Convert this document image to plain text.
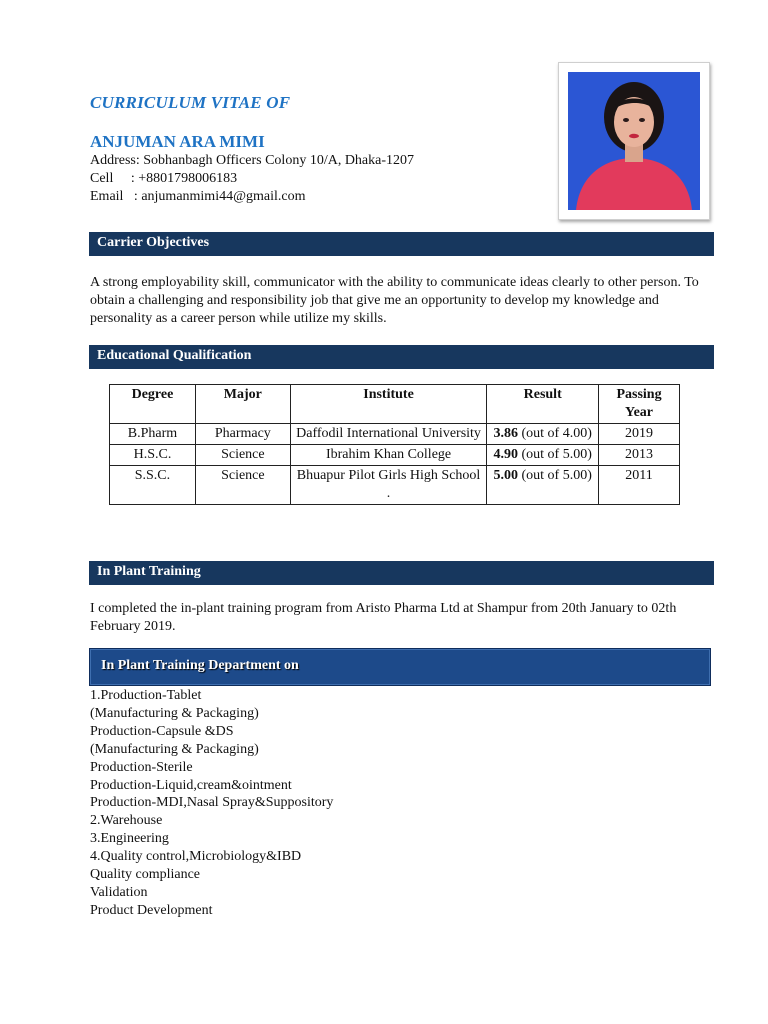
CURRICULUM VITAE OF
ANJUMAN ARA MIMI
Address: Sobhanbagh Officers Colony 10/A, Dhaka-1207
Cell     : +8801798006183
Email   : anjumanmimi44@gmail.com
Carrier Objectives
A strong employability skill, communicator with the ability to communicate ideas clearly to other person. To obtain a challenging and responsibility job that give me an opportunity to develop my knowledge and personality as a career person while utilize my skills.
Educational Qualification
Degree	Major	Institute	Result	Passing Year
B.Pharm	Pharmacy	Daffodil International University	3.86 (out of 4.00)	2019
H.S.C.	Science	Ibrahim Khan College	4.90 (out of 5.00)	2013
S.S.C.	Science	Bhuapur Pilot Girls High School .	5.00 (out of 5.00)	2011
In Plant Training
I completed the in-plant training program from Aristo Pharma Ltd at Shampur from 20th January to 02th February 2019.
In Plant Training Department on
1.Production-Tablet
(Manufacturing & Packaging)
Production-Capsule &DS
(Manufacturing & Packaging)
Production-Sterile
Production-Liquid,cream&ointment
Production-MDI,Nasal Spray&Suppository
2.Warehouse
3.Engineering
4.Quality control,Microbiology&IBD
Quality compliance
Validation
Product Development
